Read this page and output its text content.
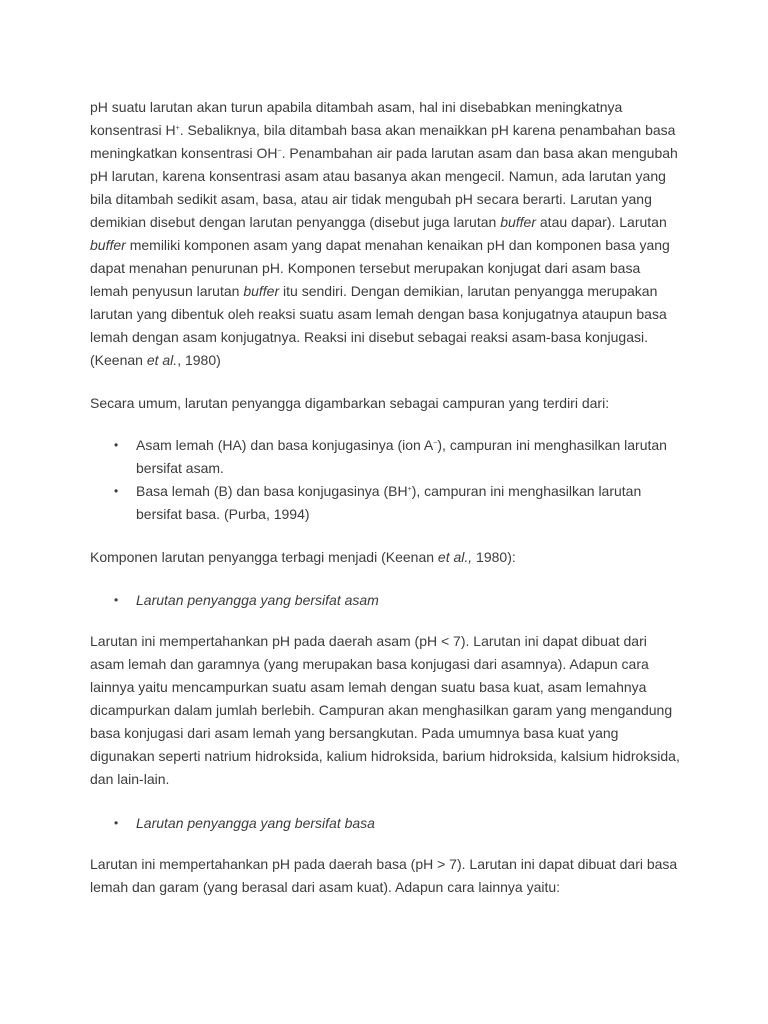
pH suatu larutan akan turun apabila ditambah asam, hal ini disebabkan meningkatnya konsentrasi H+. Sebaliknya, bila ditambah basa akan menaikkan pH karena penambahan basa meningkatkan konsentrasi OH−. Penambahan air pada larutan asam dan basa akan mengubah pH larutan, karena konsentrasi asam atau basanya akan mengecil. Namun, ada larutan yang bila ditambah sedikit asam, basa, atau air tidak mengubah pH secara berarti. Larutan yang demikian disebut dengan larutan penyangga (disebut juga larutan buffer atau dapar). Larutan buffer memiliki komponen asam yang dapat menahan kenaikan pH dan komponen basa yang dapat menahan penurunan pH. Komponen tersebut merupakan konjugat dari asam basa lemah penyusun larutan buffer itu sendiri. Dengan demikian, larutan penyangga merupakan larutan yang dibentuk oleh reaksi suatu asam lemah dengan basa konjugatnya ataupun basa lemah dengan asam konjugatnya. Reaksi ini disebut sebagai reaksi asam-basa konjugasi. (Keenan et al., 1980)

Secara umum, larutan penyangga digambarkan sebagai campuran yang terdiri dari:

• Asam lemah (HA) dan basa konjugasinya (ion A−), campuran ini menghasilkan larutan bersifat asam.
• Basa lemah (B) dan basa konjugasinya (BH+), campuran ini menghasilkan larutan bersifat basa. (Purba, 1994)

Komponen larutan penyangga terbagi menjadi (Keenan et al., 1980):

• Larutan penyangga yang bersifat asam

Larutan ini mempertahankan pH pada daerah asam (pH < 7). Larutan ini dapat dibuat dari asam lemah dan garamnya (yang merupakan basa konjugasi dari asamnya). Adapun cara lainnya yaitu mencampurkan suatu asam lemah dengan suatu basa kuat, asam lemahnya dicampurkan dalam jumlah berlebih. Campuran akan menghasilkan garam yang mengandung basa konjugasi dari asam lemah yang bersangkutan. Pada umumnya basa kuat yang digunakan seperti natrium hidroksida, kalium hidroksida, barium hidroksida, kalsium hidroksida, dan lain-lain.

• Larutan penyangga yang bersifat basa

Larutan ini mempertahankan pH pada daerah basa (pH > 7). Larutan ini dapat dibuat dari basa lemah dan garam (yang berasal dari asam kuat). Adapun cara lainnya yaitu:
